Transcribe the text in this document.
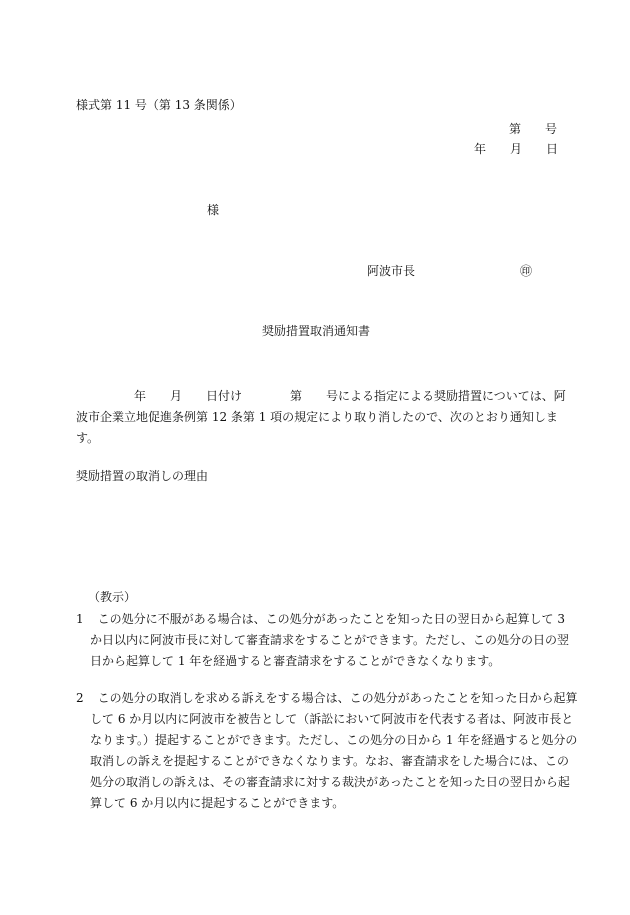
様式第 11 号（第 13 条関係）
第　　号
年　　月　　日
様
阿波市長	㊞
奨励措置取消通知書
年　　月　　日付け　　　　第　　号による指定による奨励措置については、阿波市企業立地促進条例第 12 条第 1 項の規定により取り消したので、次のとおり通知します。
奨励措置の取消しの理由
（教示）
1 この処分に不服がある場合は、この処分があったことを知った日の翌日から起算して 3 か日以内に阿波市長に対して審査請求をすることができます。ただし、この処分の日の翌日から起算して 1 年を経過すると審査請求をすることができなくなります。
2 この処分の取消しを求める訴えをする場合は、この処分があったことを知った日から起算して 6 か月以内に阿波市を被告として（訴訟において阿波市を代表する者は、阿波市長となります。）提起することができます。ただし、この処分の日から 1 年を経過すると処分の取消しの訴えを提起することができなくなります。なお、審査請求をした場合には、この処分の取消しの訴えは、その審査請求に対する裁決があったことを知った日の翌日から起算して 6 か月以内に提起することができます。
